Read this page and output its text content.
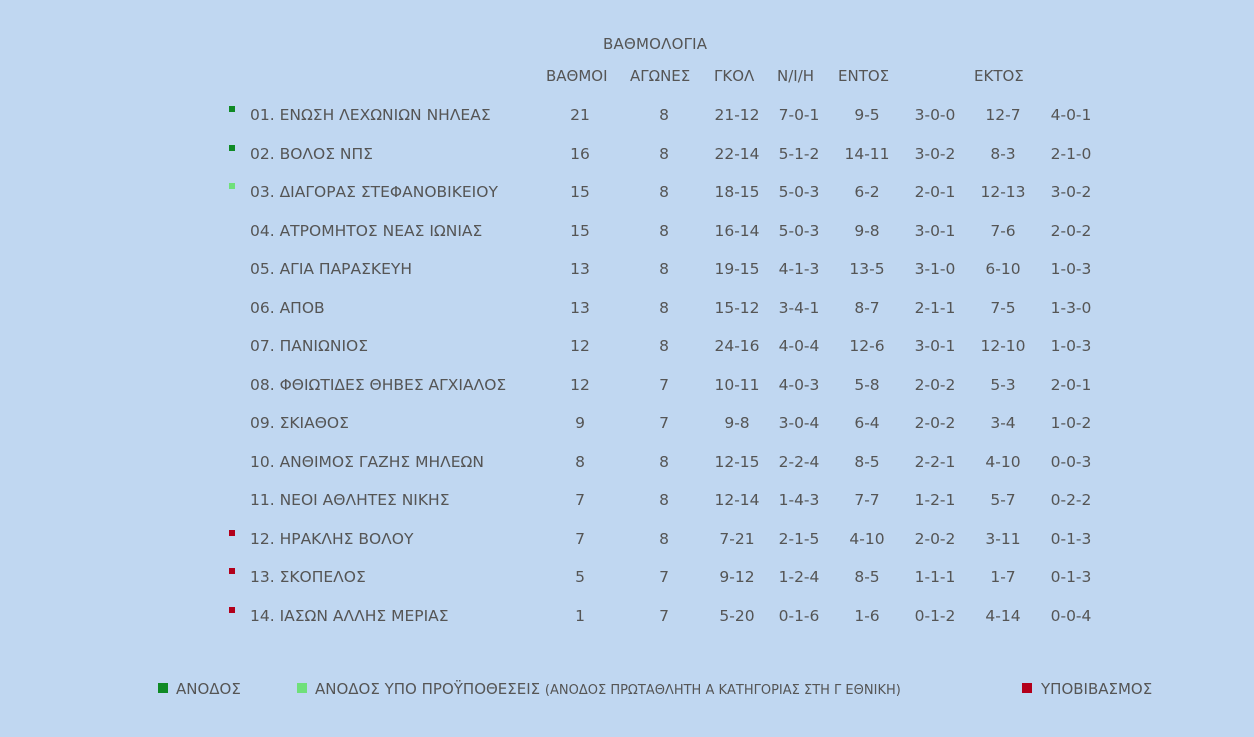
ΒΑΘΜΟΛΟΓΙΑ
ΒΑΘΜΟΙ ΑΓΩΝΕΣ ΓΚΟΛ Ν/Ι/Η ΕΝΤΟΣ	ΕΚΤΟΣ
01. ΕΝΩΣΗ ΛΕΧΩΝΙΩΝ ΝΗΛΕΑΣ	21	8	21-12 7-0-1 9-5 3-0-0 12-7 4-0-1
02. ΒΟΛΟΣ ΝΠΣ	16	8	22-14 5-1-2 14-11 3-0-2 8-3 2-1-0
03. ΔΙΑΓΟΡΑΣ ΣΤΕΦΑΝΟΒΙΚΕΙΟΥ	15	8	18-15 5-0-3 6-2 2-0-1 12-13 3-0-2
04. ΑΤΡΟΜΗΤΟΣ ΝΕΑΣ ΙΩΝΙΑΣ	15	8	16-14 5-0-3 9-8 3-0-1 7-6 2-0-2
05. ΑΓΙΑ ΠΑΡΑΣΚΕΥΗ	13	8	19-15 4-1-3 13-5 3-1-0 6-10 1-0-3
06. ΑΠΟΒ	13	8	15-12 3-4-1 8-7 2-1-1 7-5 1-3-0
07. ΠΑΝΙΩΝΙΟΣ	12	8	24-16 4-0-4 12-6 3-0-1 12-10 1-0-3
08. ΦΘΙΩΤΙΔΕΣ ΘΗΒΕΣ ΑΓΧΙΑΛΟΣ	12	7	10-11 4-0-3 5-8 2-0-2 5-3 2-0-1
09. ΣΚΙΑΘΟΣ	9	7	9-8 3-0-4 6-4 2-0-2 3-4 1-0-2
10. ΑΝΘΙΜΟΣ ΓΑΖΗΣ ΜΗΛΕΩΝ	8	8	12-15 2-2-4 8-5 2-2-1 4-10 0-0-3
11. ΝΕΟΙ ΑΘΛΗΤΕΣ ΝΙΚΗΣ	7	8	12-14 1-4-3 7-7 1-2-1 5-7 0-2-2
12. ΗΡΑΚΛΗΣ ΒΟΛΟΥ	7	8	7-21 2-1-5 4-10 2-0-2 3-11 0-1-3
13. ΣΚΟΠΕΛΟΣ	5	7	9-12 1-2-4 8-5 1-1-1 1-7 0-1-3
14. ΙΑΣΩΝ ΑΛΛΗΣ ΜΕΡΙΑΣ	1	7	5-20 0-1-6 1-6 0-1-2 4-14 0-0-4
ΑΝΟΔΟΣ	ΑΝΟΔΟΣ ΥΠΟ ΠΡΟΫΠΟΘΕΣΕΙΣ (ΑΝΟΔΟΣ ΠΡΩΤΑΘΛΗΤΗ Α ΚΑΤΗΓΟΡΙΑΣ ΣΤΗ Γ ΕΘΝΙΚΗ)	ΥΠΟΒΙΒΑΣΜΟΣ
